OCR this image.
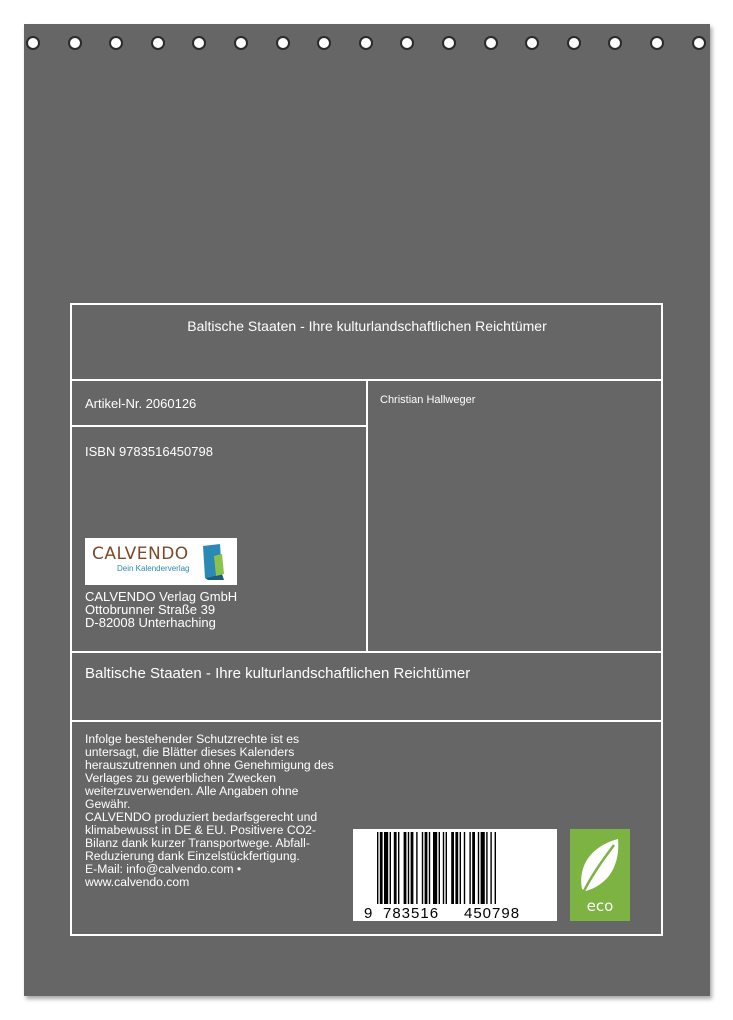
Baltische Staaten - Ihre kulturlandschaftlichen Reichtümer
Artikel-Nr. 2060126	Christian Hallweger
ISBN 9783516450798
CALVENDO
Dein Kalenderverlag
CALVENDO Verlag GmbH
Ottobrunner Straße 39
D-82008 Unterhaching
Baltische Staaten - Ihre kulturlandschaftlichen Reichtümer
Infolge bestehender Schutzrechte ist es
untersagt, die Blätter dieses Kalenders
herauszutrennen und ohne Genehmigung des
Verlages zu gewerblichen Zwecken
weiterzuverwenden. Alle Angaben ohne
Gewähr.
CALVENDO produziert bedarfsgerecht und
klimabewusst in DE & EU. Positivere CO2-
Bilanz dank kurzer Transportwege. Abfall-
Reduzierung dank Einzelstückfertigung.
E-Mail: info@calvendo.com •
www.calvendo.com
9 783516 450798	eco
